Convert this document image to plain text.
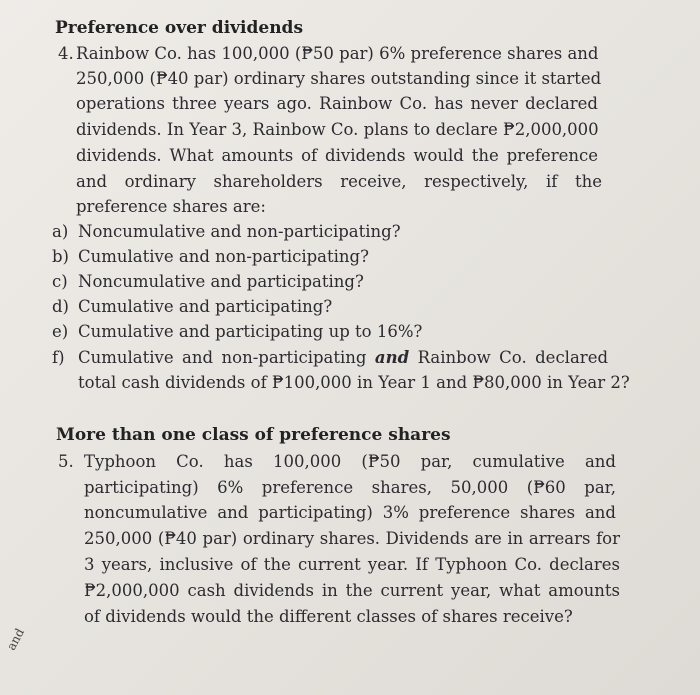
Preference over dividends
4. Rainbow Co. has 100,000 (₱50 par) 6% preference shares and
250,000 (₱40 par) ordinary shares outstanding since it started
operations three years ago. Rainbow Co. has never declared
dividends. In Year 3, Rainbow Co. plans to declare ₱2,000,000
dividends. What amounts of dividends would the preference
and ordinary shareholders receive, respectively, if the
preference shares are:
a) Noncumulative and non-participating?
b) Cumulative and non-participating?
c) Noncumulative and participating?
d) Cumulative and participating?
e) Cumulative and participating up to 16%?
f) Cumulative and non-participating and Rainbow Co. declared
total cash dividends of ₱100,000 in Year 1 and ₱80,000 in Year 2?
More than one class of preference shares
5. Typhoon Co. has 100,000 (₱50 par, cumulative and
participating) 6% preference shares, 50,000 (₱60 par,
noncumulative and participating) 3% preference shares and
250,000 (₱40 par) ordinary shares. Dividends are in arrears for
3 years, inclusive of the current year. If Typhoon Co. declares
₱2,000,000 cash dividends in the current year, what amounts
of dividends would the different classes of shares receive?
and
